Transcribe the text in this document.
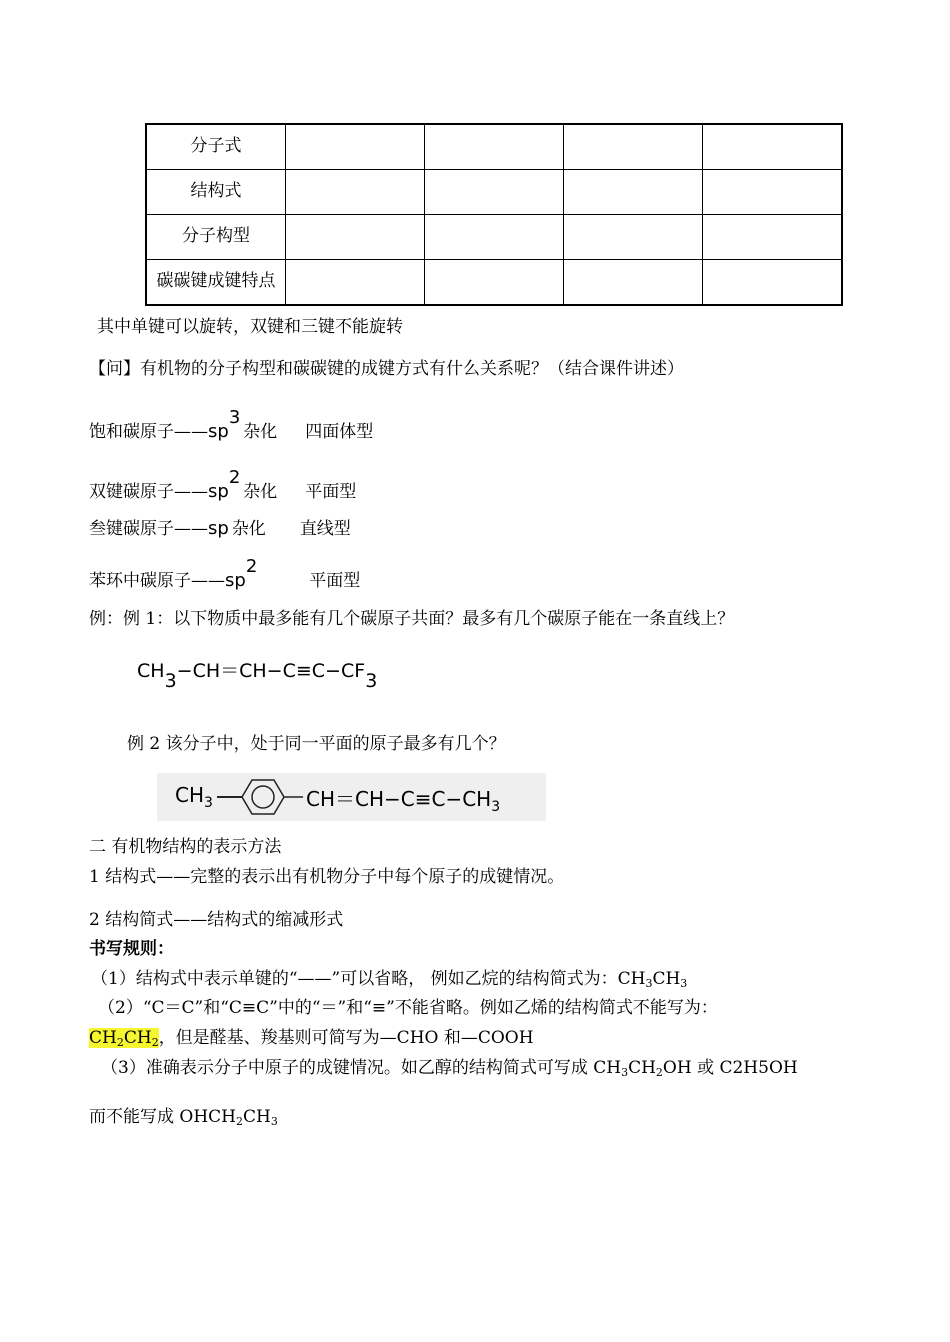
分子式				
结构式				
分子构型				
碳碳键成键特点				
其中单键可以旋转，双键和三键不能旋转
【问】有机物的分子构型和碳碳键的成键方式有什么关系呢？（结合课件讲述）
饱和碳原子——sp3杂化 四面体型
双键碳原子——sp2杂化 平面型
叁键碳原子——sp 杂化 直线型
苯环中碳原子——sp2平面型
例：例 1：以下物质中最多能有几个碳原子共面？最多有几个碳原子能在一条直线上？
CH3−CH＝CH−C≡C−CF3
例 2 该分子中，处于同一平面的原子最多有几个？
$CH_3$	$CH=CH-C\equiv C-CH_3$
二 有机物结构的表示方法
1 结构式——完整的表示出有机物分子中每个原子的成键情况。
2 结构简式——结构式的缩减形式
书写规则：
（1）结构式中表示单键的“——”可以省略， 例如乙烷的结构简式为：$CH_3CH_3$
（2）“C＝C”和“C≡C”中的“＝”和“≡”不能省略。例如乙烯的结构简式不能写为：
$CH_2CH_2$，但是醛基、羧基则可简写为—CHO 和—COOH
（3）准确表示分子中原子的成键情况。如乙醇的结构简式可写成 $CH_3CH_2OH$ 或 C2H5OH
而不能写成 $OHCH_2CH_3$
